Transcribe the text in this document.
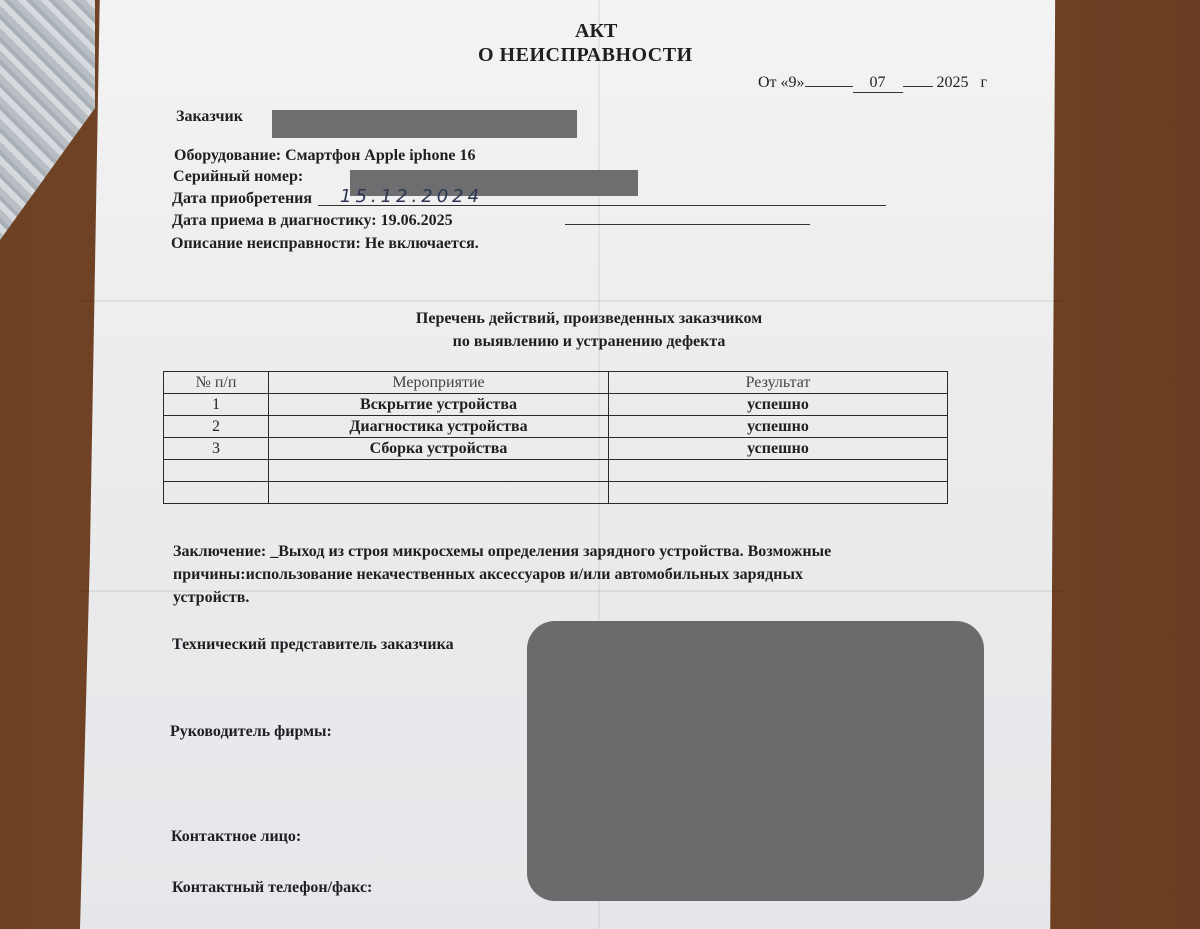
АКТ
О НЕИСПРАВНОСТИ
От «9»	07	2025 г
Заказчик
Оборудование: Смартфон Apple iphone 16
Серийный номер:
Дата приобретения 15.12.2024
Дата приема в диагностику: 19.06.2025
Описание неисправности: Не включается.
Перечень действий, произведенных заказчиком
по выявлению и устранению дефекта
№ п/п	Мероприятие	Результат
1	Вскрытие устройства	успешно
2	Диагностика устройства	успешно
3	Сборка устройства	успешно

Заключение: _Выход из строя микросхемы определения зарядного устройства. Возможные
причины:использование некачественных аксессуаров и/или автомобильных зарядных
устройств.
Технический представитель заказчика
Руководитель фирмы:
Контактное лицо:
Контактный телефон/факс:
